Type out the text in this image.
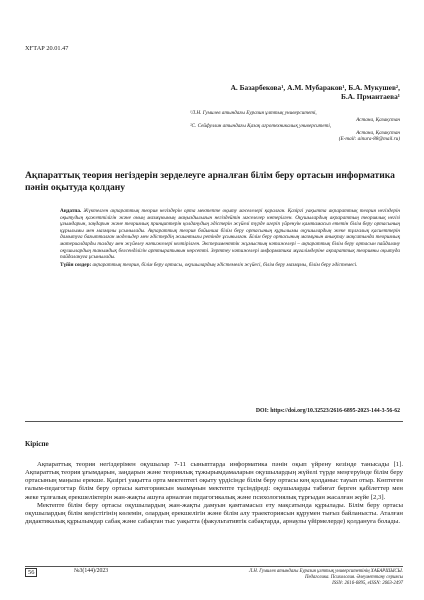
ХҒТАР 20.01.47
А. Базарбекова¹, А.М. Мубараков¹, Б.А. Мукушев²,
Б.А. Прмантаева¹
¹Л.Н. Гумилев атындағы Еуразия ұлттық университеті,
Астана, Қазақстан
²С. Сейфуллин атындағы Қазақ агротехникалық университеті,
Астана, Қазақстан
(E-mail: ainura-88@mail.ru)
Ақпараттық теория негіздерін зерделеуге арналған білім беру ортасын информатика пәнін оқытуда қолдану
Аңдатпа. Жүктелген ақпараттық теория негіздерін орта мектепте оқыту мәселелері қаралған. Қазіргі уақытта ақпараттық теория негіздерін оқытудың қажеттілігін және оның мазмұнының маңыздылығын негіздейтін мәселелер көтерілген. Оқушылардың ақпараттың теориялық негізі ұғымдарын, заңдарын және теориялық принциптерін қолданудың әдістерін жүйелі түрде игеріп үйренуін қамтамасыз ететін білім беру ортасының құрылымы мен мазмұны ұсынылады. Ақпараттық теория бойынша білім беру ортасының құрылымы оқушылардың жеке тұлғалық қасиеттерін дамытуға бағытталған модельдер мен әдістердің жиынтығы ретінде ұсынылған. Білім беру ортасының мазмұнын анықтау мақсатында теориялық материалдарды талдау мен жүйелеу нәтижелері келтірілген. Эксперименттік жұмыстың нәтижелері – ақпараттық білім беру ортасын пайдалану оқушылардың танымдық белсенділігін арттыратынын көрсетті. Зерттеу нәтижелері информатика мұғалімдеріне ақпараттық теорияны оқытуда пайдалануға ұсынылады.
Түйін сөздер: ақпараттық теория, білім беру ортасы, оқушылардың әдістемелік жүйесі, білім беру мазмұны, білім беру әдістемесі.
DOI: https://doi.org/10.32523/2616-6895-2023-144-3-56-62
Кіріспе

Ақпараттық теория негіздерімен оқушылар 7-11 сыныптарда информатика пәнін оқып үйрену кезінде танысады [1]. Ақпараттық теория ұғымдарын, заңдарын және теориялық тұжырымдамаларын оқушылардың жүйелі түрде меңгеруінде білім беру ортасының маңызы ерекше. Қазіргі уақытта орта мектептегі оқыту үрдісінде білім беру ортасы кең қолданыс тауып отыр. Көптеген ғалым-педагогтар білім беру ортасы категориясын мазмұнын мектепте тұсіндіреді: оқушыларды табиғат берген қабілеттер мен жеке тұлғалық ерекшеліктерін жан-жақты ашуға арналған педагогикалық және психологиялық тұрғыдан жасалған жүйе [2,3].

Мектепте білім беру ортасы оқушылардың жан-жақты дамуын қамтамасыз ету мақсатында құрылады. Білім беру ортасы оқушылардың білім кеңістігінің көлемін, олардың ерекшелігін және білім алу траекториясын құрумен тығыз байланысты. Аталған дидактикалық құрылымдар сабақ және сабақтан тыс уақытта (факультативтік сабақтарда, арнаулы үйірмелерде) қолдануға болады.

56	№3(144)/2023	Л.Н. Гумилев атындағы Еуразия ұлттық университетінің ХАБАРШЫСЫ.
Педагогика. Психология. Әлеуметтану сериясы
ISSN: 2616-6895, eISSN: 2663-2497
